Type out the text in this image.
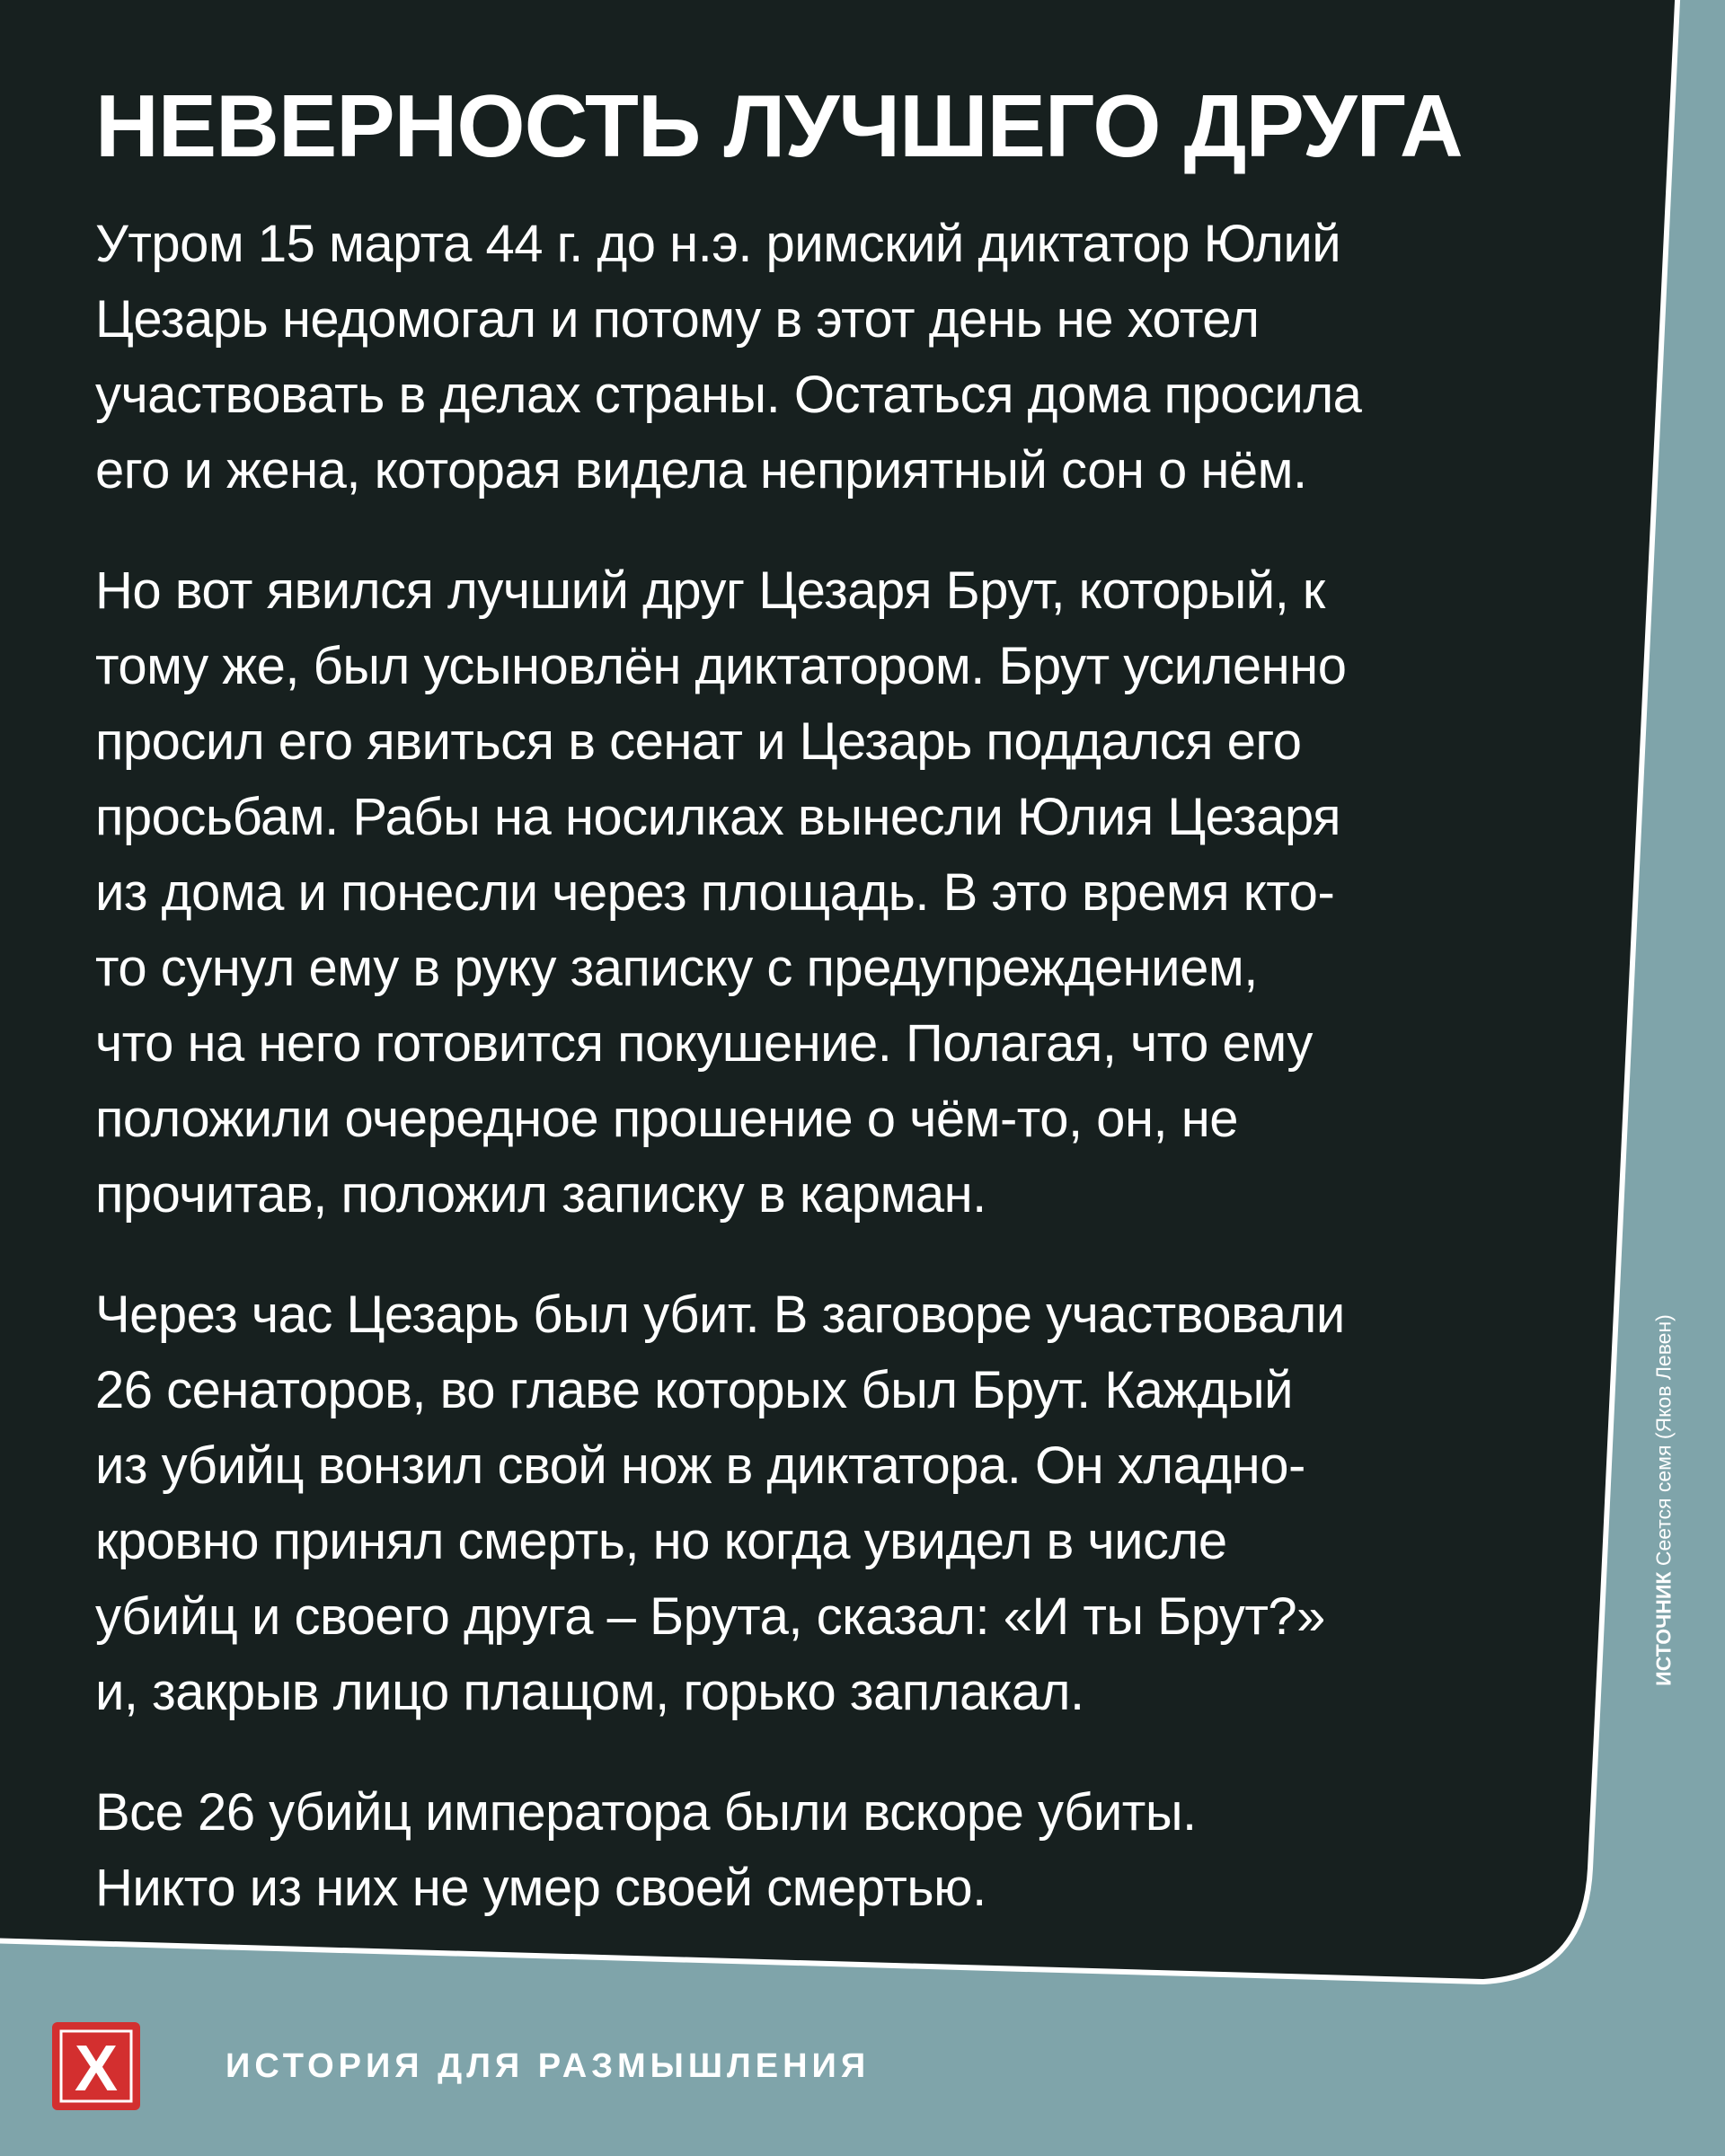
НЕВЕРНОСТЬ ЛУЧШЕГО ДРУГА

Утром 15 марта 44 г. до н.э. римский диктатор Юлий
Цезарь недомогал и потому в этот день не хотел
участвовать в делах страны. Остаться дома просила
его и жена, которая видела неприятный сон о нём.

Но вот явился лучший друг Цезаря Брут, который, к
тому же, был усыновлён диктатором. Брут усиленно
просил его явиться в сенат и Цезарь поддался его
просьбам. Рабы на носилках вынесли Юлия Цезаря
из дома и понесли через площадь. В это время кто-
то сунул ему в руку записку с предупреждением,
что на него готовится покушение. Полагая, что ему
положили очередное прошение о чём-то, он, не
прочитав, положил записку в карман.

Через час Цезарь был убит. В заговоре участвовали
26 сенаторов, во главе которых был Брут. Каждый
из убийц вонзил свой нож в диктатора. Он хладно-
кровно принял смерть, но когда увидел в числе
убийц и своего друга – Брута, сказал: «И ты Брут?»
и, закрыв лицо плащом, горько заплакал.

Все 26 убийц императора были вскоре убиты.
Никто из них не умер своей смертью.

ИСТОЧНИК Сеется семя (Яков Левен)
X	ИСТОРИЯ ДЛЯ РАЗМЫШЛЕНИЯ
